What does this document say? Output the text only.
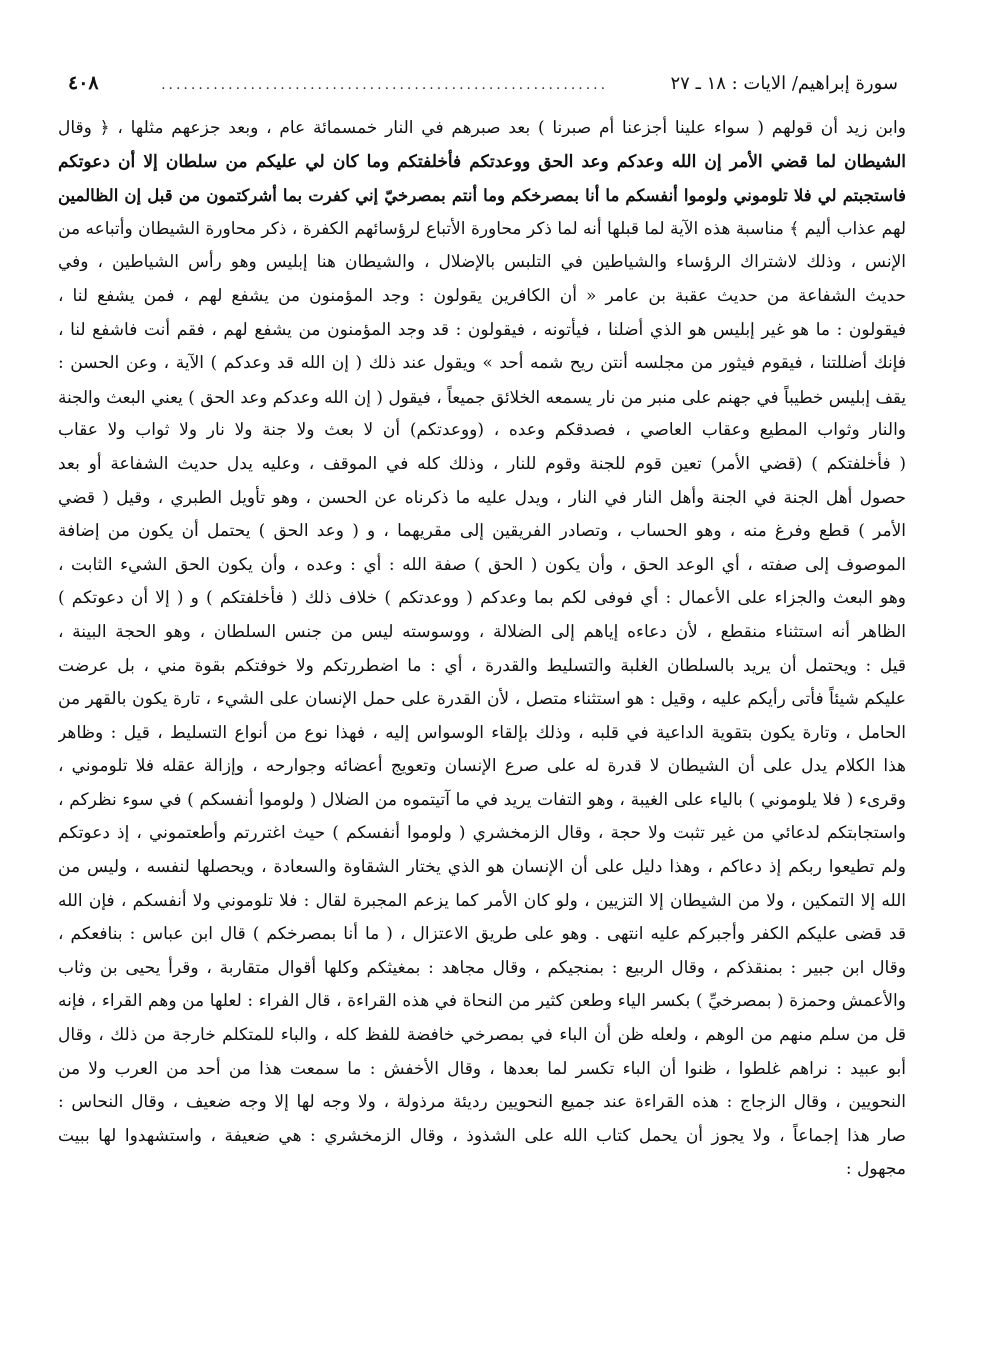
سورة إبراهيم/ الايات : ١٨ ـ ٢٧
............................................................
٤٠٨
وابن زيد أن قولهم ( سواء علينا أجزعنا أم صبرنا ) بعد صبرهم في النار خمسمائة عام ، وبعد جزعهم مثلها ، ﴿ وقال
الشيطان لما قضي الأمر إن الله وعدكم وعد الحق ووعدتكم فأخلفتكم وما كان لي عليكم من سلطان إلا أن دعوتكم
فاستجبتم لي فلا تلوموني ولوموا أنفسكم ما أنا بمصرخكم وما أنتم بمصرخيّ إني كفرت بما أشركتمون من قبل إن الظالمين
لهم عذاب أليم ﴾ مناسبة هذه الآية لما قبلها أنه لما ذكر محاورة الأتباع لرؤسائهم الكفرة ، ذكر محاورة الشيطان وأتباعه من
الإنس ، وذلك لاشتراك الرؤساء والشياطين في التلبس بالإضلال ، والشيطان هنا إبليس وهو رأس الشياطين ، وفي
حديث الشفاعة من حديث عقبة بن عامر « أن الكافرين يقولون : وجد المؤمنون من يشفع لهم ، فمن يشفع لنا ،
فيقولون : ما هو غير إبليس هو الذي أضلنا ، فيأتونه ، فيقولون : قد وجد المؤمنون من يشفع لهم ، فقم أنت فاشفع لنا ،
فإنك أضللتنا ، فيقوم فيثور من مجلسه أنتن ريح شمه أحد » ويقول عند ذلك ( إن الله قد وعدكم ) الآية ، وعن الحسن :
يقف إبليس خطيباً في جهنم على منبر من نار يسمعه الخلائق جميعاً ، فيقول ( إن الله وعدكم وعد الحق ) يعني البعث والجنة
والنار وثواب المطيع وعقاب العاصي ، فصدقكم وعده ، (ووعدتكم) أن لا بعث ولا جنة ولا نار ولا ثواب ولا عقاب
( فأخلفتكم ) (قضي الأمر) تعين قوم للجنة وقوم للنار ، وذلك كله في الموقف ، وعليه يدل حديث الشفاعة أو بعد
حصول أهل الجنة في الجنة وأهل النار في النار ، ويدل عليه ما ذكرناه عن الحسن ، وهو تأويل الطبري ، وقيل ( قضي
الأمر ) قطع وفرغ منه ، وهو الحساب ، وتصادر الفريقين إلى مقريهما ، و ( وعد الحق ) يحتمل أن يكون من إضافة
الموصوف إلى صفته ، أي الوعد الحق ، وأن يكون ( الحق ) صفة الله : أي : وعده ، وأن يكون الحق الشيء الثابت ،
وهو البعث والجزاء على الأعمال : أي فوفى لكم بما وعدكم ( ووعدتكم ) خلاف ذلك ( فأخلفتكم ) و ( إلا أن دعوتكم )
الظاهر أنه استثناء منقطع ، لأن دعاءه إياهم إلى الضلالة ، ووسوسته ليس من جنس السلطان ، وهو الحجة البينة ،
قيل : ويحتمل أن يريد بالسلطان الغلبة والتسليط والقدرة ، أي : ما اضطررتكم ولا خوفتكم بقوة مني ، بل عرضت
عليكم شيئاً فأتى رأيكم عليه ، وقيل : هو استثناء متصل ، لأن القدرة على حمل الإنسان على الشيء ، تارة يكون بالقهر من
الحامل ، وتارة يكون بتقوية الداعية في قلبه ، وذلك بإلقاء الوسواس إليه ، فهذا نوع من أنواع التسليط ، قيل : وظاهر
هذا الكلام يدل على أن الشيطان لا قدرة له على صرع الإنسان وتعويج أعضائه وجوارحه ، وإزالة عقله فلا تلوموني ،
وقرىء ( فلا يلوموني ) بالياء على الغيبة ، وهو التفات يريد في ما آتيتموه من الضلال ( ولوموا أنفسكم ) في سوء نظركم ،
واستجابتكم لدعائي من غير تثبت ولا حجة ، وقال الزمخشري ( ولوموا أنفسكم ) حيث اغتررتم وأطعتموني ، إذ دعوتكم
ولم تطيعوا ربكم إذ دعاكم ، وهذا دليل على أن الإنسان هو الذي يختار الشقاوة والسعادة ، ويحصلها لنفسه ، وليس من
الله إلا التمكين ، ولا من الشيطان إلا التزيين ، ولو كان الأمر كما يزعم المجبرة لقال : فلا تلوموني ولا أنفسكم ، فإن الله
قد قضى عليكم الكفر وأجبركم عليه انتهى . وهو على طريق الاعتزال ، ( ما أنا بمصرخكم ) قال ابن عباس : بنافعكم ،
وقال ابن جبير : بمنقذكم ، وقال الربيع : بمنجيكم ، وقال مجاهد : بمغيثكم وكلها أقوال متقاربة ، وقرأ يحيى بن وثاب
والأعمش وحمزة ( بمصرخيِّ ) بكسر الياء وطعن كثير من النحاة في هذه القراءة ، قال الفراء : لعلها من وهم القراء ، فإنه
قل من سلم منهم من الوهم ، ولعله ظن أن الباء في بمصرخي خافضة للفظ كله ، والباء للمتكلم خارجة من ذلك ، وقال
أبو عبيد : نراهم غلطوا ، ظنوا أن الباء تكسر لما بعدها ، وقال الأخفش : ما سمعت هذا من أحد من العرب ولا من
النحويين ، وقال الزجاج : هذه القراءة عند جميع النحويين رديئة مرذولة ، ولا وجه لها إلا وجه ضعيف ، وقال النحاس :
صار هذا إجماعاً ، ولا يجوز أن يحمل كتاب الله على الشذوذ ، وقال الزمخشري : هي ضعيفة ، واستشهدوا لها ببيت
مجهول :
